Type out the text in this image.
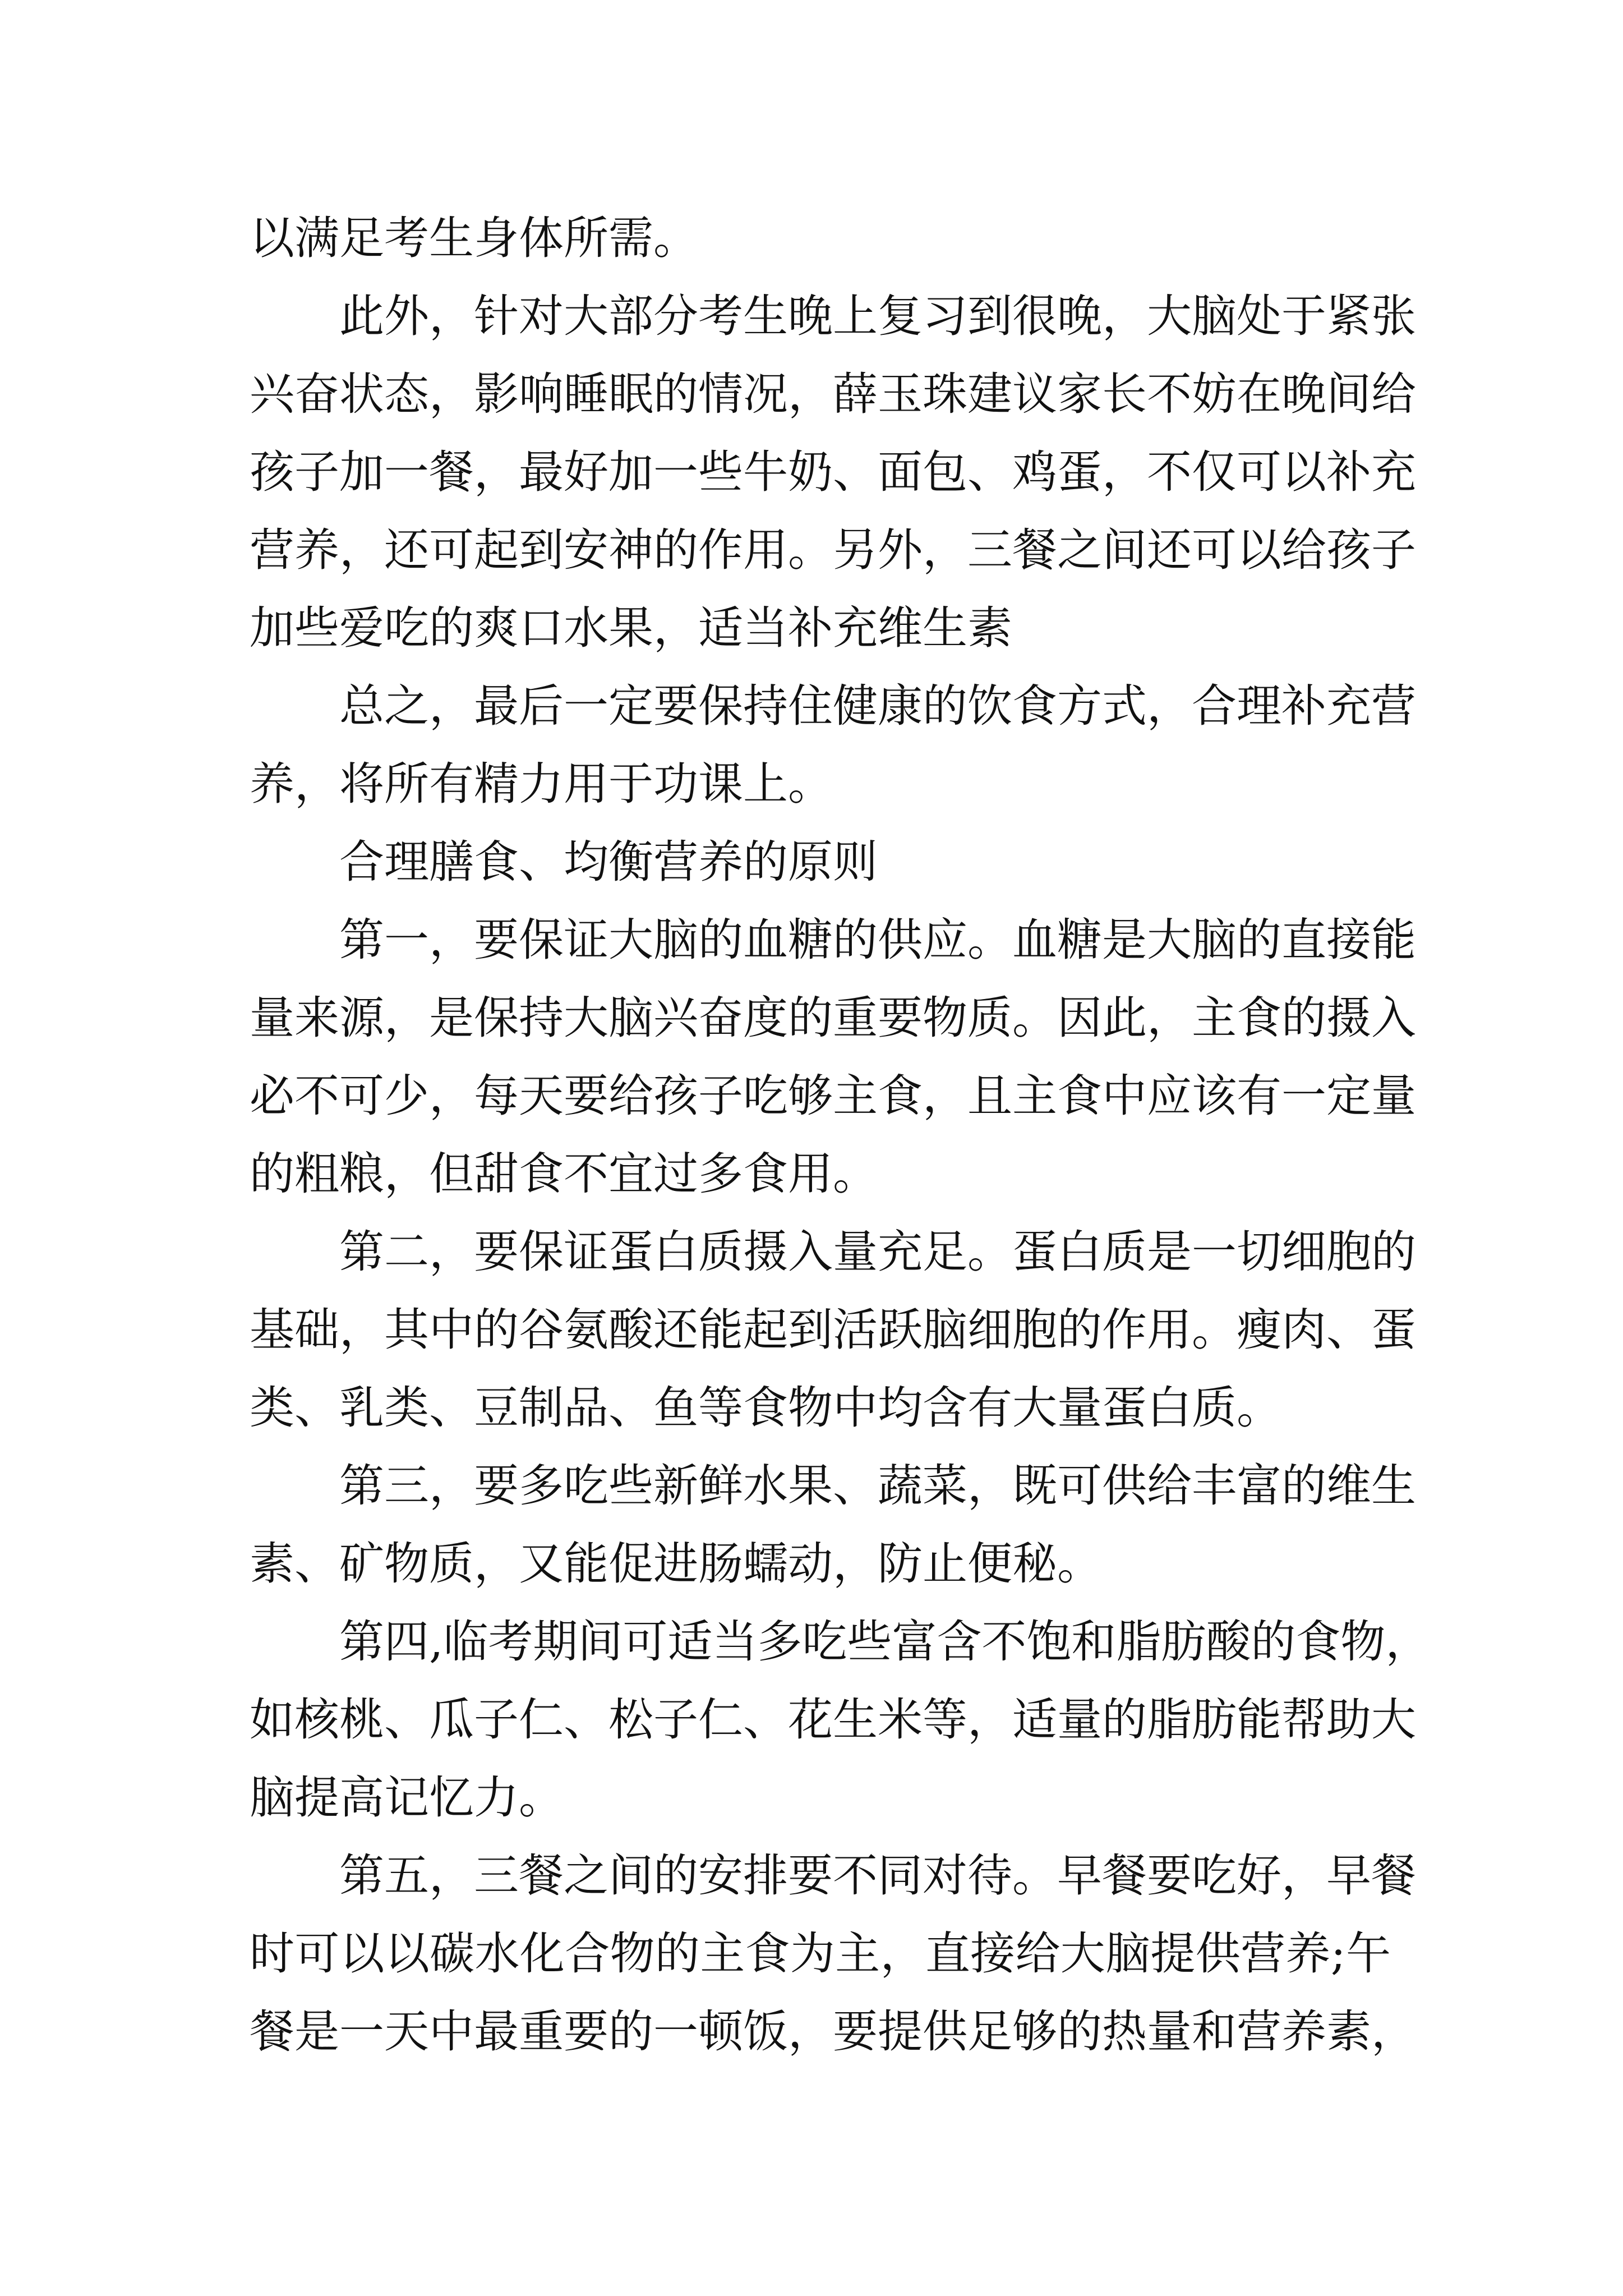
以满足考生身体所需。
此外，针对大部分考生晚上复习到很晚，大脑处于紧张
兴奋状态，影响睡眠的情况，薛玉珠建议家长不妨在晚间给
孩子加一餐，最好加一些牛奶、面包、鸡蛋，不仅可以补充
营养，还可起到安神的作用。另外，三餐之间还可以给孩子
加些爱吃的爽口水果，适当补充维生素
总之，最后一定要保持住健康的饮食方式，合理补充营
养，将所有精力用于功课上。
合理膳食、均衡营养的原则
第一，要保证大脑的血糖的供应。血糖是大脑的直接能
量来源，是保持大脑兴奋度的重要物质。因此，主食的摄入
必不可少，每天要给孩子吃够主食，且主食中应该有一定量
的粗粮，但甜食不宜过多食用。
第二，要保证蛋白质摄入量充足。蛋白质是一切细胞的
基础，其中的谷氨酸还能起到活跃脑细胞的作用。瘦肉、蛋
类、乳类、豆制品、鱼等食物中均含有大量蛋白质。
第三，要多吃些新鲜水果、蔬菜，既可供给丰富的维生
素、矿物质，又能促进肠蠕动，防止便秘。
第四,临考期间可适当多吃些富含不饱和脂肪酸的食物，
如核桃、瓜子仁、松子仁、花生米等，适量的脂肪能帮助大
脑提高记忆力。
第五，三餐之间的安排要不同对待。早餐要吃好，早餐
时可以以碳水化合物的主食为主，直接给大脑提供营养;午
餐是一天中最重要的一顿饭，要提供足够的热量和营养素，
